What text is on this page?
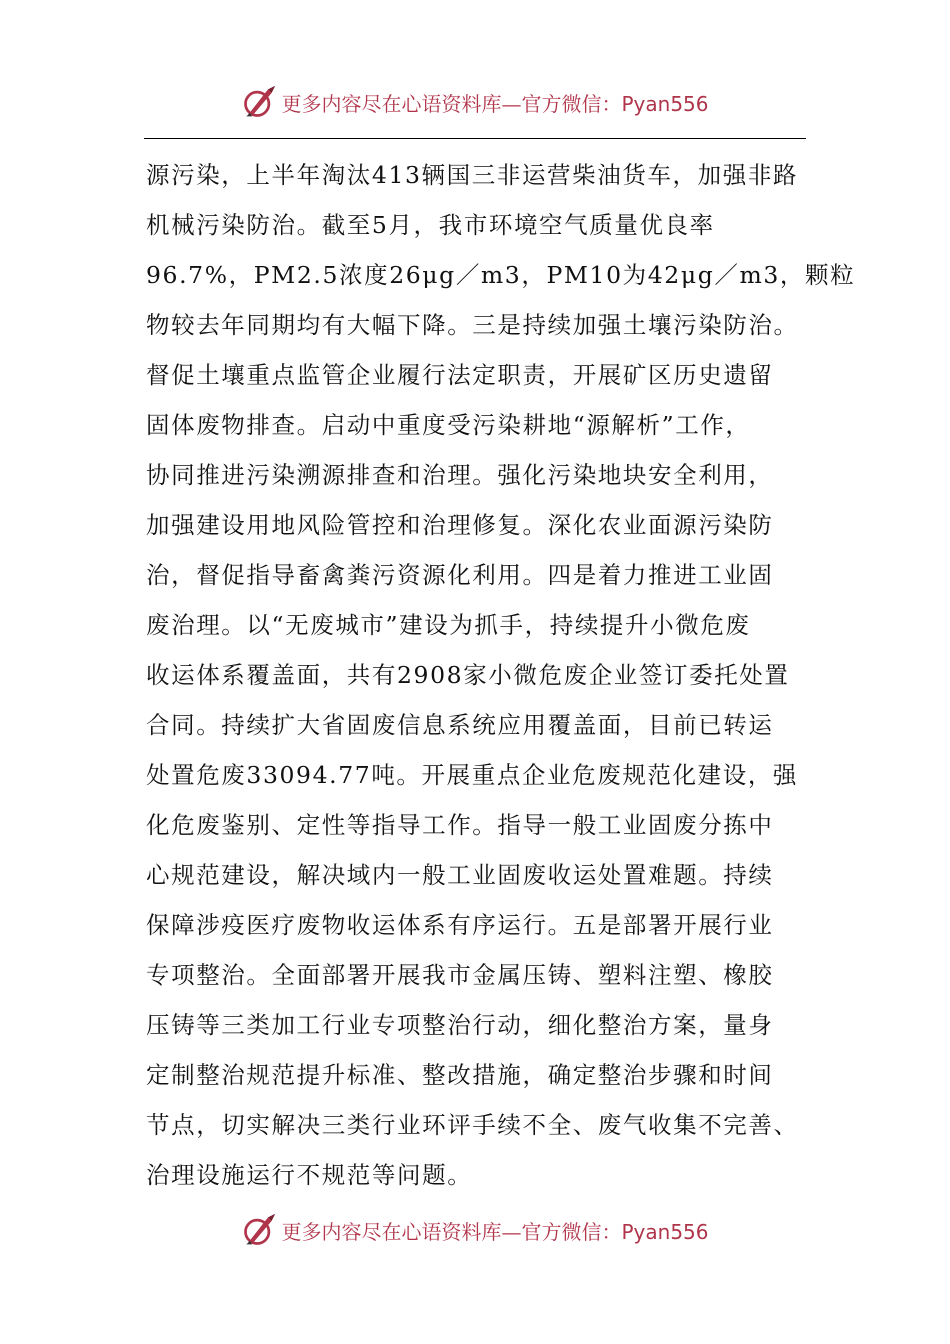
更多内容尽在心语资料库—官方微信：Pyan556
源污染，上半年淘汰413辆国三非运营柴油货车，加强非路
机械污染防治。截至5月，我市环境空气质量优良率
96.7%，PM2.5浓度26μg／m3，PM10为42μg／m3，颗粒
物较去年同期均有大幅下降。三是持续加强土壤污染防治。
督促土壤重点监管企业履行法定职责，开展矿区历史遗留
固体废物排查。启动中重度受污染耕地“源解析”工作，
协同推进污染溯源排查和治理。强化污染地块安全利用，
加强建设用地风险管控和治理修复。深化农业面源污染防
治，督促指导畜禽粪污资源化利用。四是着力推进工业固
废治理。以“无废城市”建设为抓手，持续提升小微危废
收运体系覆盖面，共有2908家小微危废企业签订委托处置
合同。持续扩大省固废信息系统应用覆盖面，目前已转运
处置危废33094.77吨。开展重点企业危废规范化建设，强
化危废鉴别、定性等指导工作。指导一般工业固废分拣中
心规范建设，解决域内一般工业固废收运处置难题。持续
保障涉疫医疗废物收运体系有序运行。五是部署开展行业
专项整治。全面部署开展我市金属压铸、塑料注塑、橡胶
压铸等三类加工行业专项整治行动，细化整治方案，量身
定制整治规范提升标准、整改措施，确定整治步骤和时间
节点，切实解决三类行业环评手续不全、废气收集不完善、
治理设施运行不规范等问题。
更多内容尽在心语资料库—官方微信：Pyan556
